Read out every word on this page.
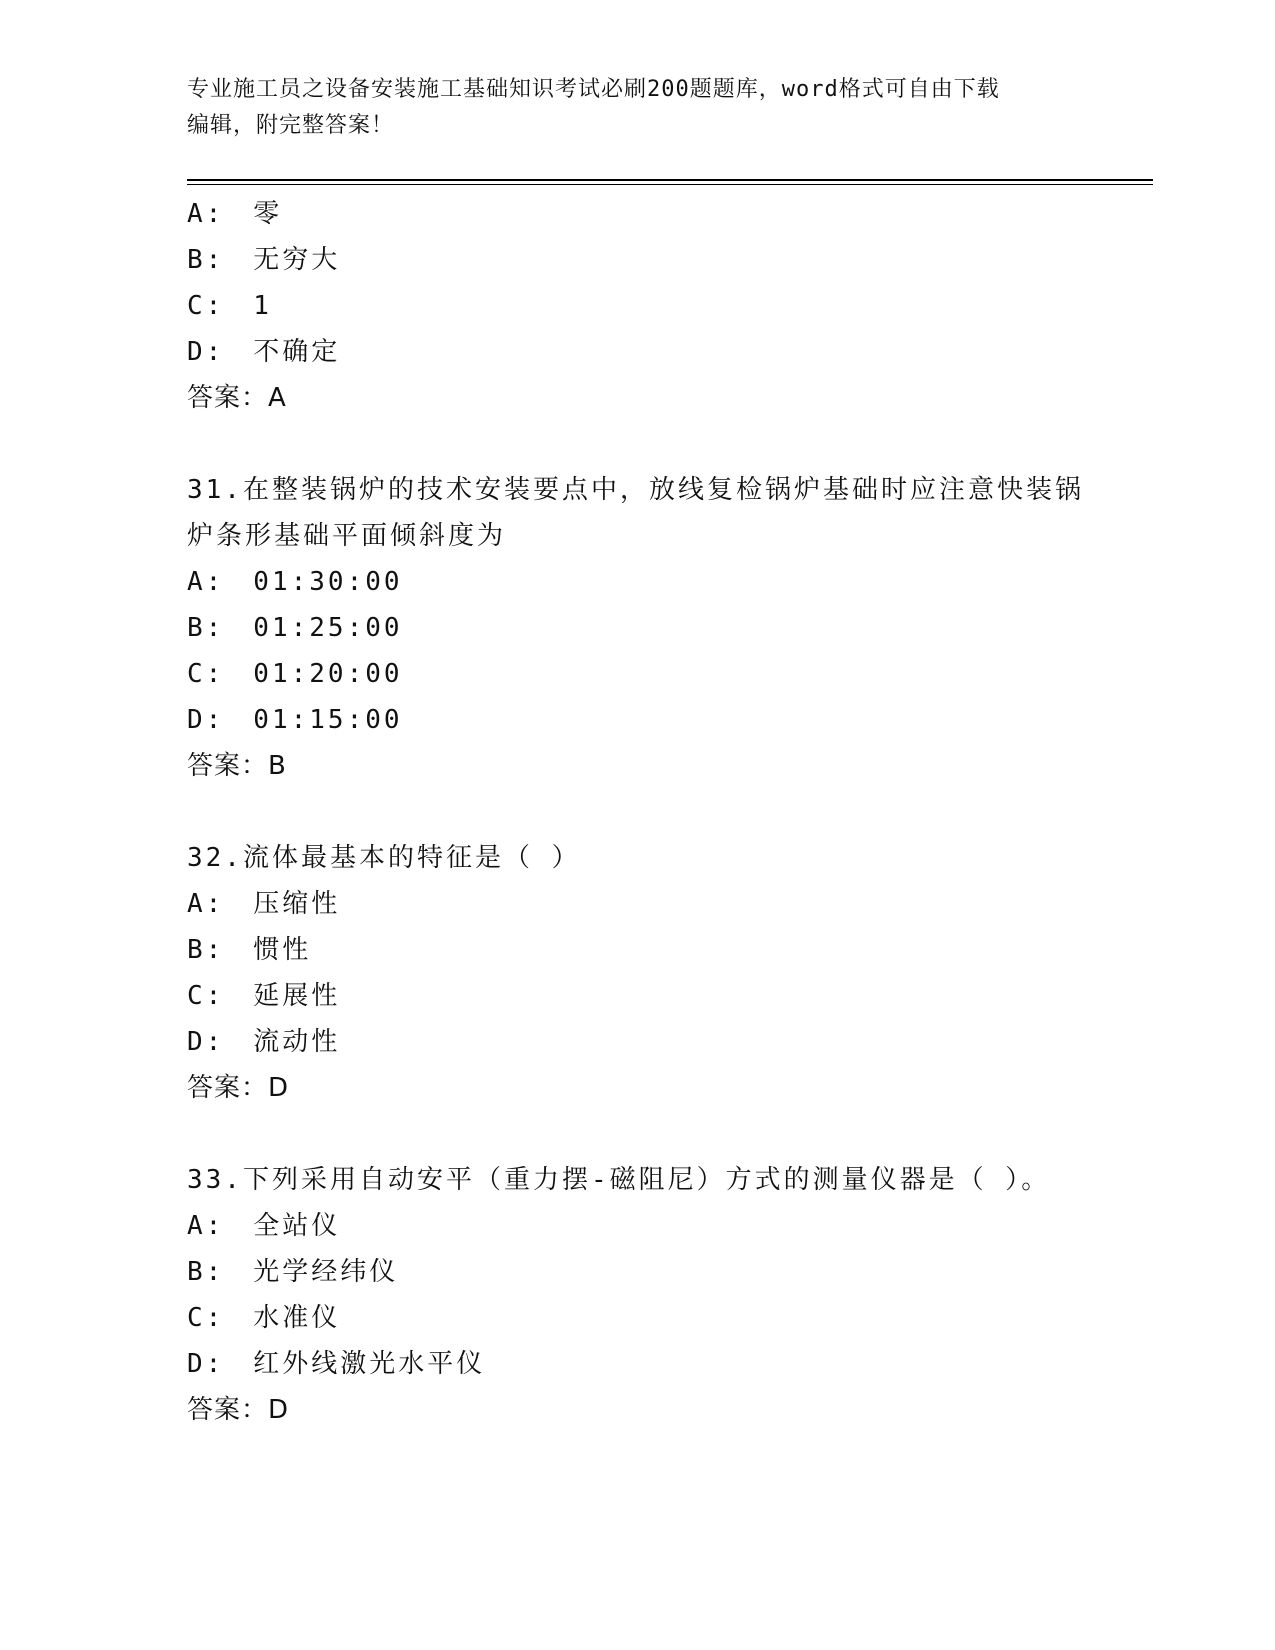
专业施工员之设备安装施工基础知识考试必刷200题题库，word格式可自由下载
编辑，附完整答案！
A:　零
B:　无穷大
C:　1
D:　不确定
答案：A
31.在整装锅炉的技术安装要点中，放线复检锅炉基础时应注意快装锅炉条形基础平面倾斜度为
A:　01:30:00
B:　01:25:00
C:　01:20:00
D:　01:15:00
答案：B
32.流体最基本的特征是（ ）
A:　压缩性
B:　惯性
C:　延展性
D:　流动性
答案：D
33.下列采用自动安平（重力摆-磁阻尼）方式的测量仪器是（ ）。
A:　全站仪
B:　光学经纬仪
C:　水准仪
D:　红外线激光水平仪
答案：D
